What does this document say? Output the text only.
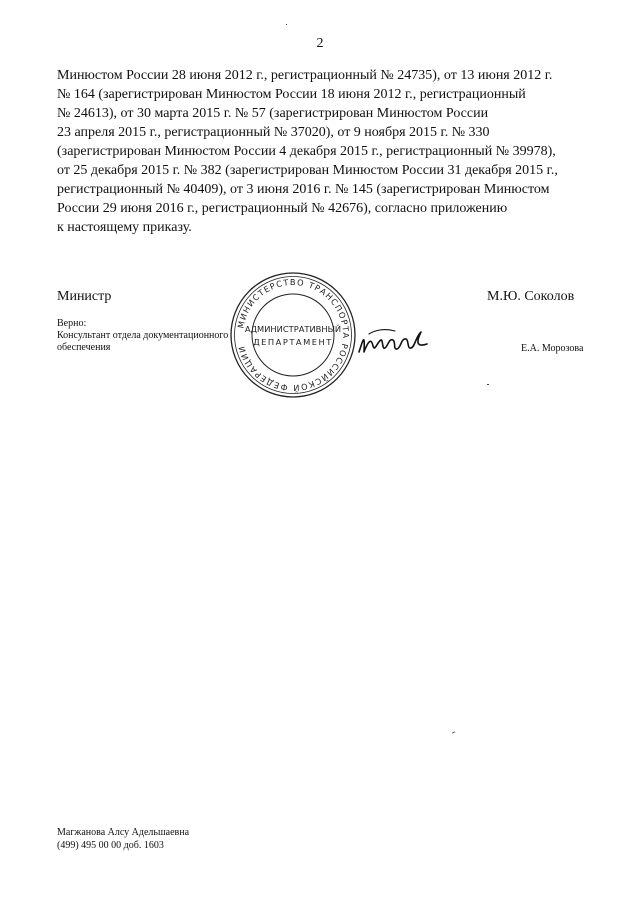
2

Минюстом России 28 июня 2012 г., регистрационный № 24735), от 13 июня 2012 г.

№ 164 (зарегистрирован Минюстом России 18 июня 2012 г., регистрационный

№ 24613), от 30 марта 2015 г. № 57 (зарегистрирован Минюстом России

23 апреля 2015 г., регистрационный № 37020), от 9 ноября 2015 г. № 330

(зарегистрирован Минюстом России 4 декабря 2015 г., регистрационный № 39978),

от 25 декабря 2015 г. № 382 (зарегистрирован Минюстом России 31 декабря 2015 г.,

регистрационный № 40409), от 3 июня 2016 г. № 145 (зарегистрирован Минюстом

России 29 июня 2016 г., регистрационный № 42676), согласно приложению

к настоящему приказу.

Министр	М.Ю. Соколов
Верно:
Консультант отдела документационного
обеспечения	Е.А. Морозова
МИНИСТЕРСТВО ТРАНСПОРТА РОССИЙСКОЙ ФЕДЕРАЦИИ
АДМИНИСТРАТИВНЫЙ
ДЕПАРТАМЕНТ
Магжанова Алсу Адельшаевна
(499) 495 00 00 доб. 1603
